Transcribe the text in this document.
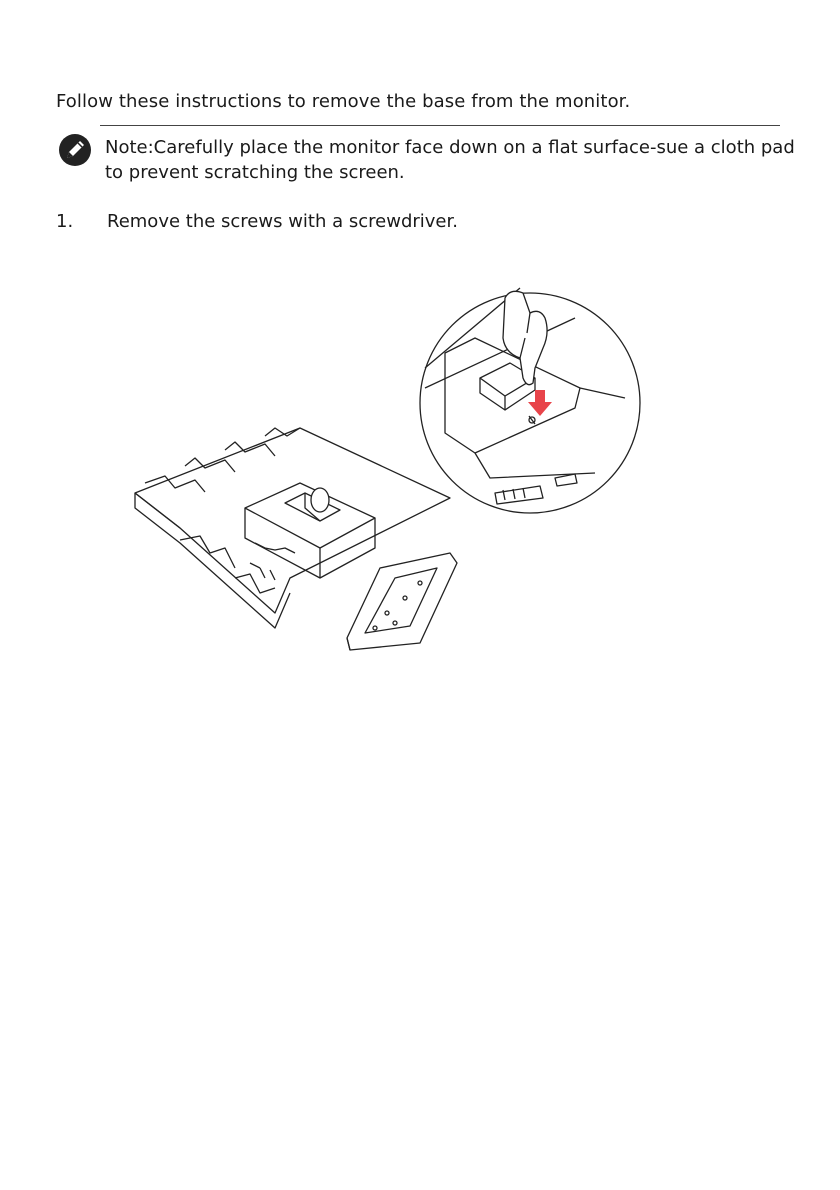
Follow these instructions to remove the base from the monitor.
Note:Carefully place the monitor face down on a flat surface-sue a cloth pad to prevent scratching the screen.
1. Remove the screws with a screwdriver.
